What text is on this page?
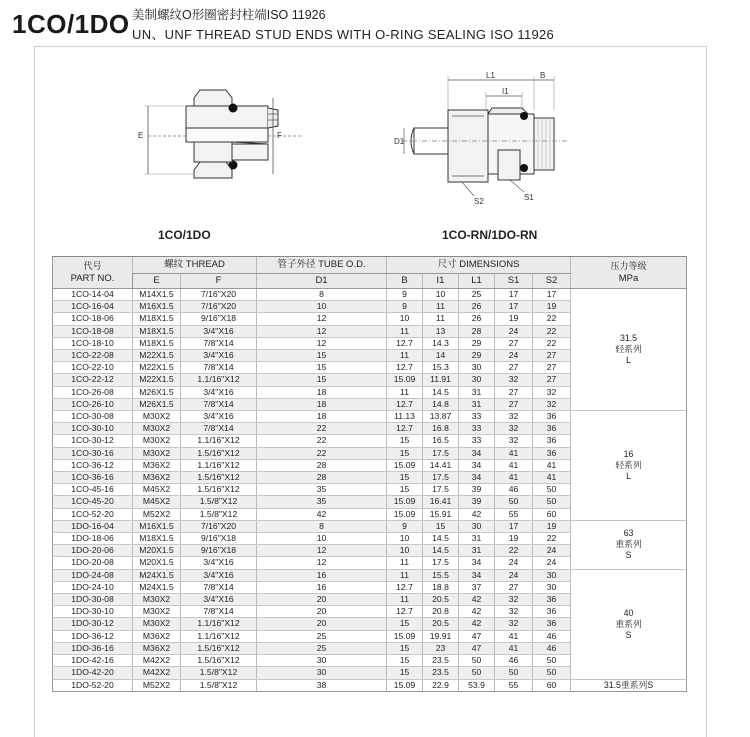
1CO/1DO 美制螺纹O形圈密封柱端ISO 11926
UN、UNF THREAD STUD ENDS WITH O-RING SEALING ISO 11926
E	F
1CO/1DO
L1	B
I1
D1
S2	S1
1CO-RN/1DO-RN
代号
PART NO.	螺纹 THREAD		管子外径 TUBE O.D.	尺寸 DIMENSIONS					压力等级
MPa
	E	F	D1	B	I1	L1	S1	S2	
1CO-14-04	M14X1.5	7/16"X20	8	9	10	25	17	17	31.5
轻系列
L

1CO-16-04	M16X1.5	7/16"X20	10	9	11	26	17	19	
1CO-18-06	M18X1.5	9/16"X18	12	10	11	26	19	22	
1CO-18-08	M18X1.5	3/4"X16	12	11	13	28	24	22	
1CO-18-10	M18X1.5	7/8"X14	12	12.7	14.3	29	27	22	
1CO-22-08	M22X1.5	3/4"X16	15	11	14	29	24	27	
1CO-22-10	M22X1.5	7/8"X14	15	12.7	15.3	30	27	27	
1CO-22-12	M22X1.5	1.1/16"X12	15	15.09	11.91	30	32	27	
1CO-26-08	M26X1.5	3/4"X16	18	11	14.5	31	27	32	
1CO-26-10	M26X1.5	7/8"X14	18	12.7	14.8	31	27	32	
1CO-30-08	M30X2	3/4"X16	18	11.13	13.87	33	32	36	16
轻系列
L

1CO-30-10	M30X2	7/8"X14	22	12.7	16.8	33	32	36	
1CO-30-12	M30X2	1.1/16"X12	22	15	16.5	33	32	36	
1CO-30-16	M30X2	1.5/16"X12	22	15	17.5	34	41	36	
1CO-36-12	M36X2	1.1/16"X12	28	15.09	14.41	34	41	41	
1CO-36-16	M36X2	1.5/16"X12	28	15	17.5	34	41	41	
1CO-45-16	M45X2	1.5/16"X12	35	15	17.5	39	46	50	
1CO-45-20	M45X2	1.5/8"X12	35	15.09	16.41	39	50	50	
1CO-52-20	M52X2	1.5/8"X12	42	15.09	15.91	42	55	60	
1DO-16-04	M16X1.5	7/16"X20	8	9	15	30	17	19	63
重系列
S

1DO-18-06	M18X1.5	9/16"X18	10	10	14.5	31	19	22	
1DO-20-06	M20X1.5	9/16"X18	12	10	14.5	31	22	24	
1DO-20-08	M20X1.5	3/4"X16	12	11	17.5	34	24	24	
1DO-24-08	M24X1.5	3/4"X16	16	11	15.5	34	24	30	40
重系列
S

1DO-24-10	M24X1.5	7/8"X14	16	12.7	18.8	37	27	30	
1DO-30-08	M30X2	3/4"X16	20	11	20.5	42	32	36	
1DO-30-10	M30X2	7/8"X14	20	12.7	20.8	42	32	36	
1DO-30-12	M30X2	1.1/16"X12	20	15	20.5	42	32	36	
1DO-36-12	M36X2	1.1/16"X12	25	15.09	19.91	47	41	46	
1DO-36-16	M36X2	1.5/16"X12	25	15	23	47	41	46	
1DO-42-16	M42X2	1.5/16"X12	30	15	23.5	50	46	50	
1DO-42-20	M42X2	1.5/8"X12	30	15	23.5	50	50	50	
1DO-52-20	M52X2	1.5/8"X12	38	15.09	22.9	53.9	55	60	31.5重系列S
